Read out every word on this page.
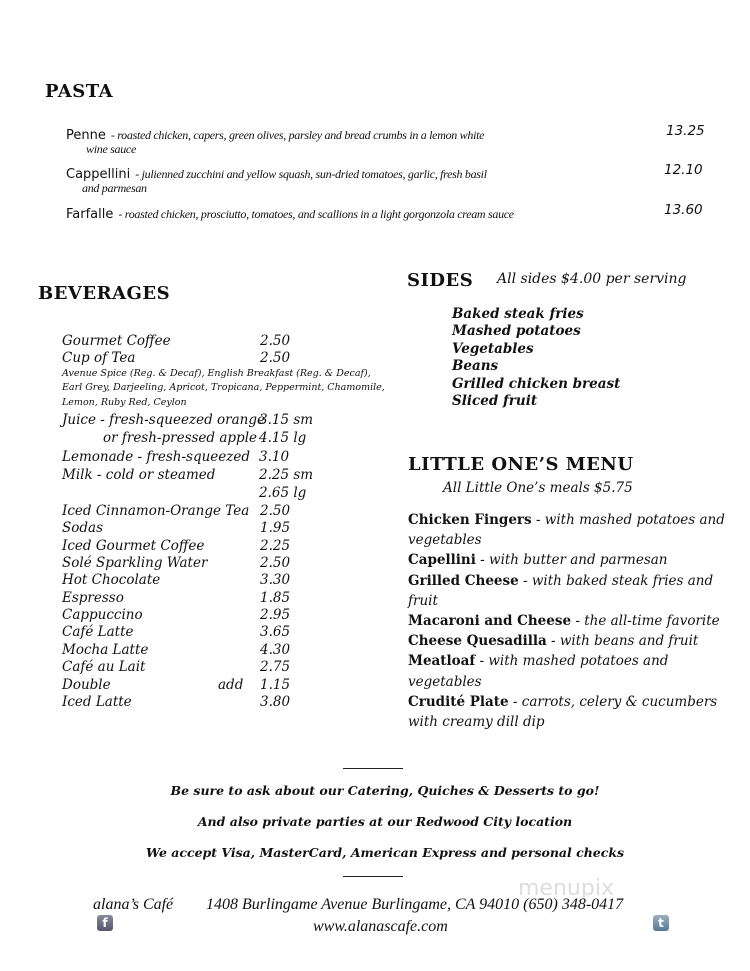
PASTA
Penne - roasted chicken, capers, green olives, parsley and bread crumbs in a lemon white
wine sauce
13.25
Cappellini - julienned zucchini and yellow squash, sun-dried tomatoes, garlic, fresh basil
and parmesan
12.10
Farfalle - roasted chicken, prosciutto, tomatoes, and scallions in a light gorgonzola cream sauce	13.60
BEVERAGES
Gourmet Coffee	2.50
Cup of Tea	2.50
Avenue Spice (Reg. & Decaf), English Breakfast (Reg. & Decaf),
Earl Grey, Darjeeling, Apricot, Tropicana, Peppermint, Chamomile,
Lemon, Ruby Red, Ceylon
Juice - fresh-squeezed orange
3.15 sm
or fresh-pressed apple 4.15 lg
Lemonade - fresh-squeezed 3.10
Milk - cold or steamed	2.25 sm
2.65 lg
Iced Cinnamon-Orange Tea 2.50
Sodas	1.95
Iced Gourmet Coffee	2.25
Solé Sparkling Water	2.50
Hot Chocolate	3.30
Espresso	1.85
Cappuccino	2.95
Café Latte	3.65
Mocha Latte	4.30
Café au Lait	2.75
Double	add 1.15
Iced Latte	3.80
SIDES All sides $4.00 per serving
Baked steak fries
Mashed potatoes
Vegetables
Beans
Grilled chicken breast
Sliced fruit
LITTLE ONE’S MENU
All Little One’s meals $5.75
Chicken Fingers - with mashed potatoes and
vegetables
Capellini - with butter and parmesan
Grilled Cheese - with baked steak fries and
fruit
Macaroni and Cheese - the all-time favorite
Cheese Quesadilla - with beans and fruit
Meatloaf - with mashed potatoes and
vegetables
Crudité Plate - carrots, celery & cucumbers
with creamy dill dip
Be sure to ask about our Catering, Quiches & Desserts to go!
And also private parties at our Redwood City location
We accept Visa, MasterCard, American Express and personal checks
menupix
alana’s Café 1408 Burlingame Avenue Burlingame, CA 94010 (650) 348-0417
www.alanascafe.com
f	t
